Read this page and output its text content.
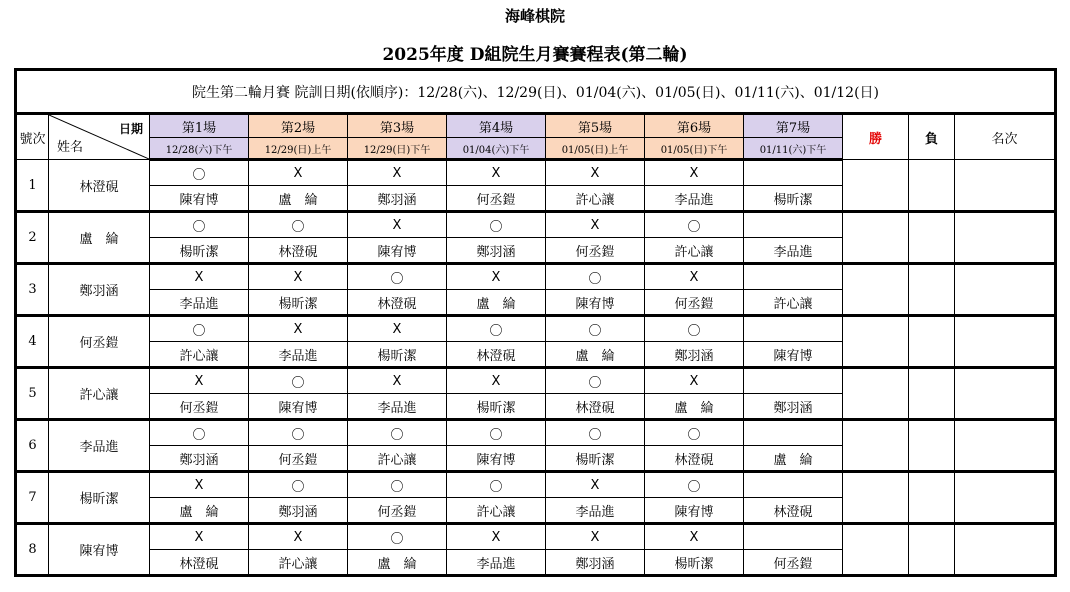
海峰棋院
2025年度 D組院生月賽賽程表(第二輪)
院生第二輪月賽 院訓日期(依順序)：12/28(六)、12/29(日)、01/04(六)、01/05(日)、01/11(六)、01/12(日)											
號次	日期
姓名	第1場	第2場	第3場	第4場	第5場	第6場	第7場	勝	負	名次
		12/28(六)下午	12/29(日)上午	12/29(日)下午	01/04(六)下午	01/05(日)上午	01/05(日)下午	01/11(六)下午			
1	林澄硯	〇	X	X	X	X	X				
		陳宥博	盧　綸	鄭羽涵	何丞鎧	許心讓	李品進	楊昕潔			
2	盧　綸	〇	〇	X	〇	X	〇				
		楊昕潔	林澄硯	陳宥博	鄭羽涵	何丞鎧	許心讓	李品進			
3	鄭羽涵	X	X	〇	X	〇	X				
		李品進	楊昕潔	林澄硯	盧　綸	陳宥博	何丞鎧	許心讓			
4	何丞鎧	〇	X	X	〇	〇	〇				
		許心讓	李品進	楊昕潔	林澄硯	盧　綸	鄭羽涵	陳宥博			
5	許心讓	X	〇	X	X	〇	X				
		何丞鎧	陳宥博	李品進	楊昕潔	林澄硯	盧　綸	鄭羽涵			
6	李品進	〇	〇	〇	〇	〇	〇				
		鄭羽涵	何丞鎧	許心讓	陳宥博	楊昕潔	林澄硯	盧　綸			
7	楊昕潔	X	〇	〇	〇	X	〇				
		盧　綸	鄭羽涵	何丞鎧	許心讓	李品進	陳宥博	林澄硯			
8	陳宥博	X	X	〇	X	X	X				
		林澄硯	許心讓	盧　綸	李品進	鄭羽涵	楊昕潔	何丞鎧			
